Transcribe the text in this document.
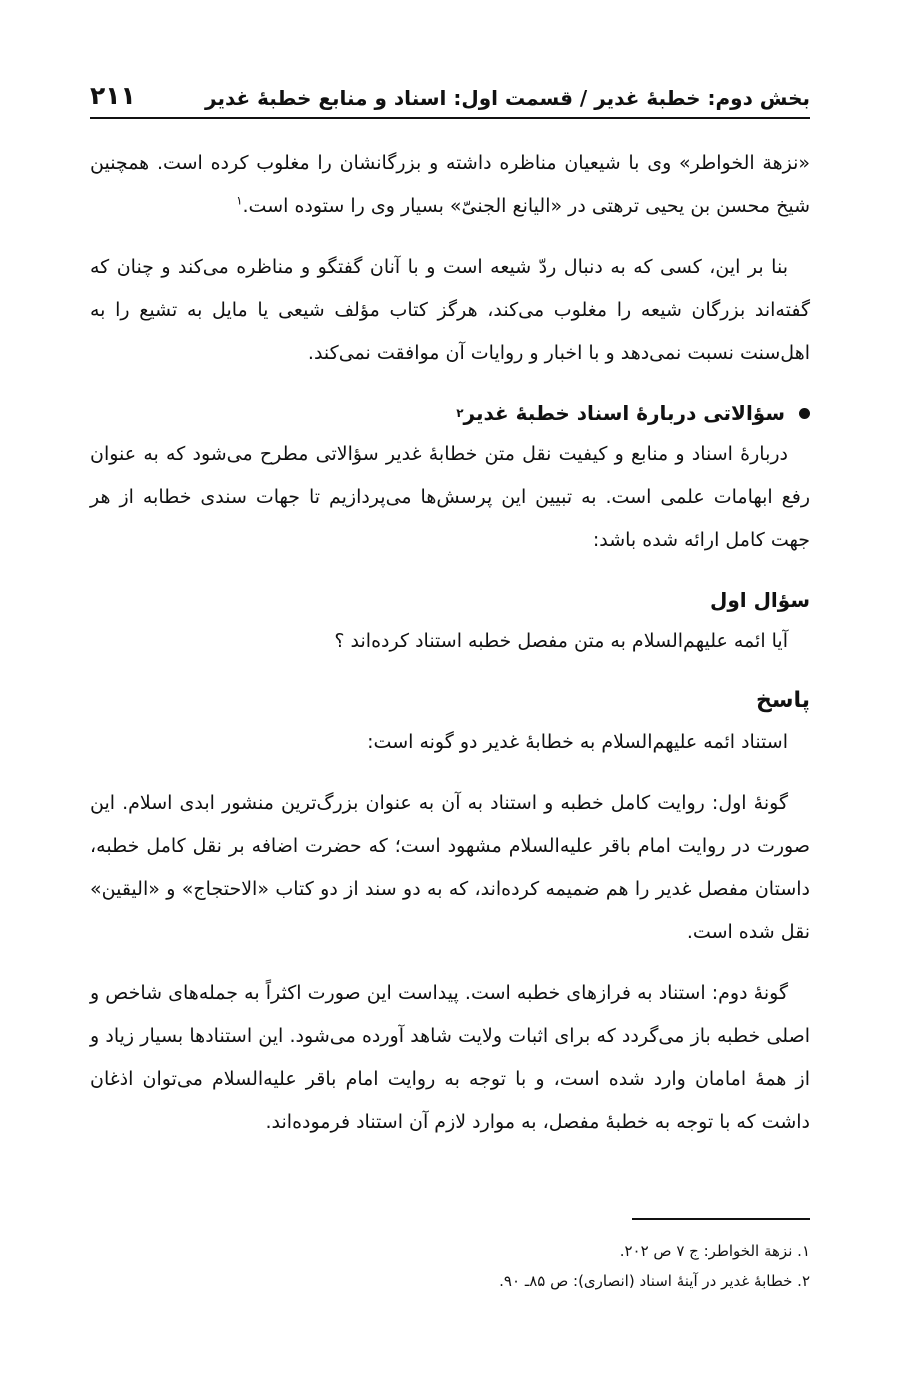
بخش دوم: خطبهٔ غدیر / قسمت اول: اسناد و منابع خطبهٔ غدیر
۲۱۱

«نزهة الخواطر» وی با شیعیان مناظره داشته و بزرگانشان را مغلوب کرده است. همچنین شیخ محسن بن یحیی ترهتی در «الیانع الجنیّ» بسیار وی را ستوده است.$^۱$

بنا بر این، کسی که به دنبال ردّ شیعه است و با آنان گفتگو و مناظره می‌کند و چنان که گفته‌اند بزرگان شیعه را مغلوب می‌کند، هرگز کتاب مؤلف شیعی یا مایل به تشیع را به اهل‌سنت نسبت نمی‌دهد و با اخبار و روایات آن موافقت نمی‌کند.

سؤالاتی دربارهٔ اسناد خطبهٔ غدیر
۲

دربارهٔ اسناد و منابع و کیفیت نقل متن خطابهٔ غدیر سؤالاتی مطرح می‌شود که به عنوان رفع ابهامات علمی است. به تبیین این پرسش‌ها می‌پردازیم تا جهات سندی خطابه از هر جهت کامل ارائه شده باشد:

سؤال اول

آیا ائمه علیهم‌السلام به متن مفصل خطبه استناد کرده‌اند ؟

پاسخ

استناد ائمه علیهم‌السلام به خطابهٔ غدیر دو گونه است:

گونهٔ اول: روایت کامل خطبه و استناد به آن به عنوان بزرگ‌ترین منشور ابدی اسلام. این صورت در روایت امام باقر علیه‌السلام مشهود است؛ که حضرت اضافه بر نقل کامل خطبه، داستان مفصل غدیر را هم ضمیمه کرده‌اند، که به دو سند از دو کتاب «الاحتجاج» و «الیقین» نقل شده است.

گونهٔ دوم: استناد به فرازهای خطبه است. پیداست این صورت اکثراً به جمله‌های شاخص و اصلی خطبه باز می‌گردد که برای اثبات ولایت شاهد آورده می‌شود. این استنادها بسیار زیاد و از همهٔ امامان وارد شده است، و با توجه به روایت امام باقر علیه‌السلام می‌توان اذغان داشت که با توجه به خطبهٔ مفصل، به موارد لازم آن استناد فرموده‌اند.

۱. نزهة الخواطر: ج ۷ ص ۲۰۲.

۲. خطابهٔ غدیر در آینهٔ اسناد (انصاری): ص ۸۵ـ ۹۰.
